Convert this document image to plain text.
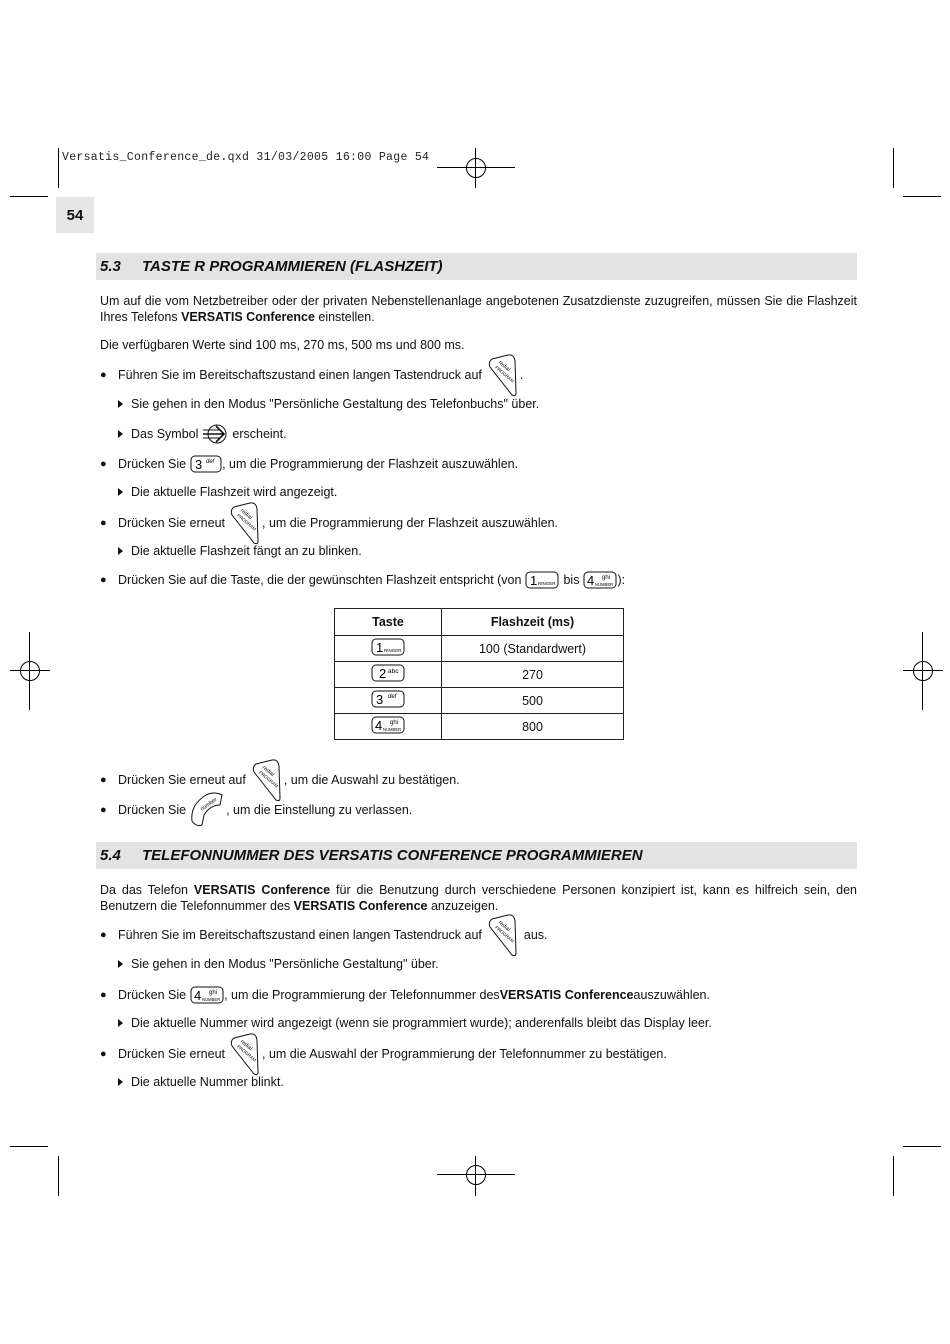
Versatis_Conference_de.qxd 31/03/2005 16:00 Page 54
54
5.3	TASTE R PROGRAMMIEREN (FLASHZEIT)
Um auf die vom Netzbetreiber oder der privaten Nebenstellenanlage angebotenen Zusatzdienste zuzugreifen, müssen Sie die Flashzeit Ihres Telefons VERSATIS Conference einstellen.
Die verfügbaren Werte sind 100 ms, 270 ms, 500 ms und 800 ms.
● Führen Sie im Bereitschaftszustand einen langen Tastendruck auf	.
Sie gehen in den Modus "Persönliche Gestaltung des Telefonbuchs" über.
Das Symbol	erscheint.
● Drücken Sie 3 def , um die Programmierung der Flashzeit auszuwählen.
Die aktuelle Flashzeit wird angezeigt.
● Drücken Sie erneut	, um die Programmierung der Flashzeit auszuwählen.
Die aktuelle Flashzeit fängt an zu blinken.
● Drücken Sie auf die Taste, die der gewünschten Flashzeit entspricht (von 1 RINGER bis 4 ghi
NUMBER ):
Taste	Flashzeit (ms)

1 RINGER	100 (Standardwert)

2 abc	270

3 def	500

4 ghi
NUMBER	800
● Drücken Sie erneut auf	, um die Auswahl zu bestätigen.
● Drücken Sie number , um die Einstellung zu verlassen.
5.4	TELEFONNUMMER DES VERSATIS CONFERENCE PROGRAMMIEREN
Da das Telefon VERSATIS Conference für die Benutzung durch verschiedene Personen konzipiert ist, kann es hilfreich sein, den Benutzern die Telefonnummer des VERSATIS Conference anzuzeigen.
● Führen Sie im Bereitschaftszustand einen langen Tastendruck auf	aus.
Sie gehen in den Modus "Persönliche Gestaltung" über.
● Drücken Sie 4 ghi
NUMBER , um die Programmierung der Telefonnummer des VERSATIS Conference auszuwählen.
Die aktuelle Nummer wird angezeigt (wenn sie programmiert wurde); anderenfalls bleibt das Display leer.
● Drücken Sie erneut	, um die Auswahl der Programmierung der Telefonnummer zu bestätigen.
Die aktuelle Nummer blinkt.
